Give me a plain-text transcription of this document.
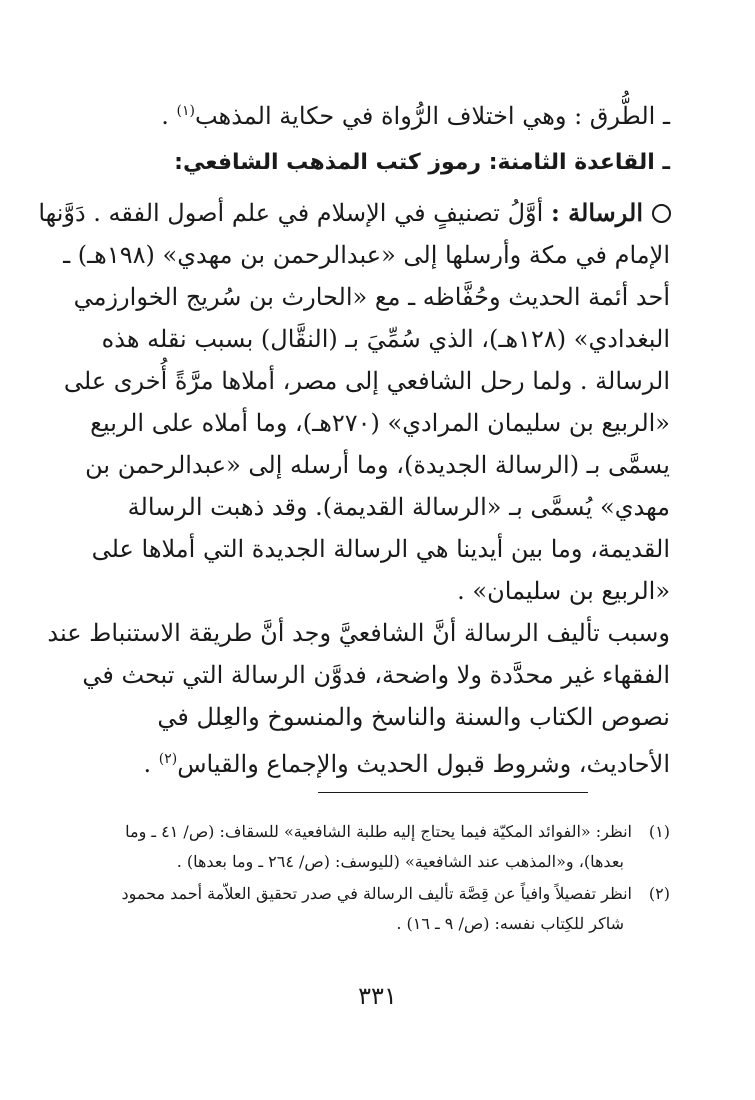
ـ الطُّرق : وهي اختلاف الرُّواة في حكاية المذهب$^{(١)}$ .
ـ القاعدة الثامنة: رموز كتب المذهب الشافعي:
الرسالة : أوَّلُ تصنيفٍ في الإسلام في علم أصول الفقه . دَوَّنها
الإمام في مكة وأرسلها إلى «عبدالرحمن بن مهدي» (١٩٨هـ) ـ
أحد أئمة الحديث وحُفَّاظه ـ مع «الحارث بن سُريج الخوارزمي
البغدادي» (١٢٨هـ)، الذي سُمِّيَ بـ (النقَّال) بسبب نقله هذه
الرسالة . ولما رحل الشافعي إلى مصر، أملاها مرَّةً أُخرى على
«الربيع بن سليمان المرادي» (٢٧٠هـ)، وما أملاه على الربيع
يسمَّى بـ (الرسالة الجديدة)، وما أرسله إلى «عبدالرحمن بن
مهدي» يُسمَّى بـ «الرسالة القديمة). وقد ذهبت الرسالة
القديمة، وما بين أيدينا هي الرسالة الجديدة التي أملاها على
«الربيع بن سليمان» .
وسبب تأليف الرسالة أنَّ الشافعيَّ وجد أنَّ طريقة الاستنباط عند
الفقهاء غير محدَّدة ولا واضحة، فدوَّن الرسالة التي تبحث في
نصوص الكتاب والسنة والناسخ والمنسوخ والعِلل في
الأحاديث، وشروط قبول الحديث والإجماع والقياس$^{(٢)}$ .
(١)انظر: «الفوائد المكيّة فيما يحتاج إليه طلبة الشافعية» للسقاف: (ص/ ٤١ ـ وما
بعدها)، و«المذهب عند الشافعية» (لليوسف: (ص/ ٢٦٤ ـ وما بعدها) .
(٢)انظر تفصيلاً وافياً عن قِصَّة تأليف الرسالة في صدر تحقيق العلاّمة أحمد محمود
شاكر للكِتاب نفسه: (ص/ ٩ ـ ١٦) .
٣٣١
